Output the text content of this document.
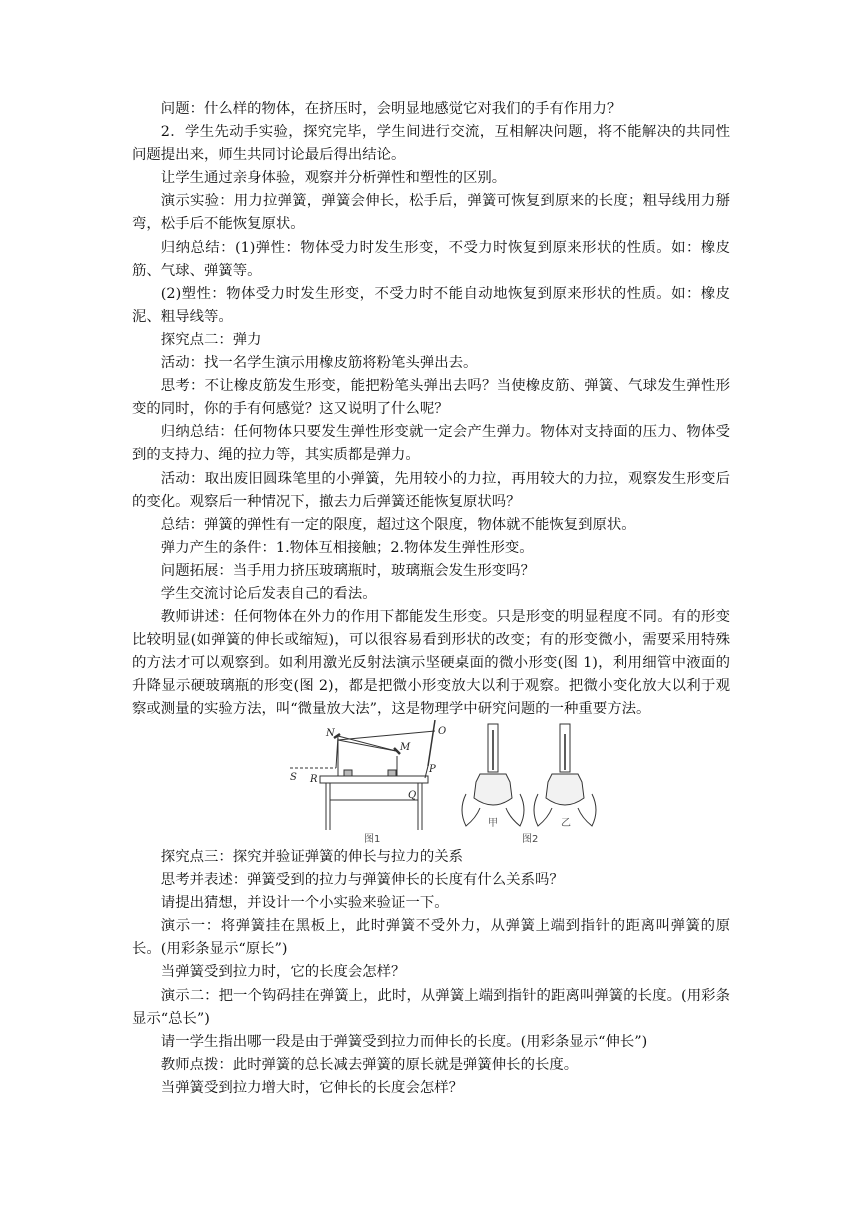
问题：什么样的物体，在挤压时，会明显地感觉它对我们的手有作用力？

2．学生先动手实验，探究完毕，学生间进行交流，互相解决问题，将不能解决的共同性问题提出来，师生共同讨论最后得出结论。

让学生通过亲身体验，观察并分析弹性和塑性的区别。

演示实验：用力拉弹簧，弹簧会伸长，松手后，弹簧可恢复到原来的长度；粗导线用力掰弯，松手后不能恢复原状。

归纳总结：(1)弹性：物体受力时发生形变，不受力时恢复到原来形状的性质。如：橡皮筋、气球、弹簧等。

(2)塑性：物体受力时发生形变，不受力时不能自动地恢复到原来形状的性质。如：橡皮泥、粗导线等。

探究点二：弹力

活动：找一名学生演示用橡皮筋将粉笔头弹出去。

思考：不让橡皮筋发生形变，能把粉笔头弹出去吗？当使橡皮筋、弹簧、气球发生弹性形变的同时，你的手有何感觉？这又说明了什么呢？

归纳总结：任何物体只要发生弹性形变就一定会产生弹力。物体对支持面的压力、物体受到的支持力、绳的拉力等，其实质都是弹力。

活动：取出废旧圆珠笔里的小弹簧，先用较小的力拉，再用较大的力拉，观察发生形变后的变化。观察后一种情况下，撤去力后弹簧还能恢复原状吗？

总结：弹簧的弹性有一定的限度，超过这个限度，物体就不能恢复到原状。

弹力产生的条件：1.物体互相接触；2.物体发生弹性形变。

问题拓展：当手用力挤压玻璃瓶时，玻璃瓶会发生形变吗？

学生交流讨论后发表自己的看法。

教师讲述：任何物体在外力的作用下都能发生形变。只是形变的明显程度不同。有的形变比较明显(如弹簧的伸长或缩短)，可以很容易看到形状的改变；有的形变微小，需要采用特殊的方法才可以观察到。如利用激光反射法演示坚硬桌面的微小形变(图 1)，利用细管中液面的升降显示硬玻璃瓶的形变(图 2)，都是把微小形变放大以利于观察。把微小变化放大以利于观察或测量的实验方法，叫“微量放大法”，这是物理学中研究问题的一种重要方法。

N	O
M
S R
P
Q
图1
甲	乙
图2

探究点三：探究并验证弹簧的伸长与拉力的关系

思考并表述：弹簧受到的拉力与弹簧伸长的长度有什么关系吗？

请提出猜想，并设计一个小实验来验证一下。

演示一：将弹簧挂在黑板上，此时弹簧不受外力，从弹簧上端到指针的距离叫弹簧的原长。(用彩条显示“原长”)

当弹簧受到拉力时，它的长度会怎样？

演示二：把一个钩码挂在弹簧上，此时，从弹簧上端到指针的距离叫弹簧的长度。(用彩条显示“总长”)

请一学生指出哪一段是由于弹簧受到拉力而伸长的长度。(用彩条显示“伸长”)

教师点拨：此时弹簧的总长减去弹簧的原长就是弹簧伸长的长度。

当弹簧受到拉力增大时，它伸长的长度会怎样？
